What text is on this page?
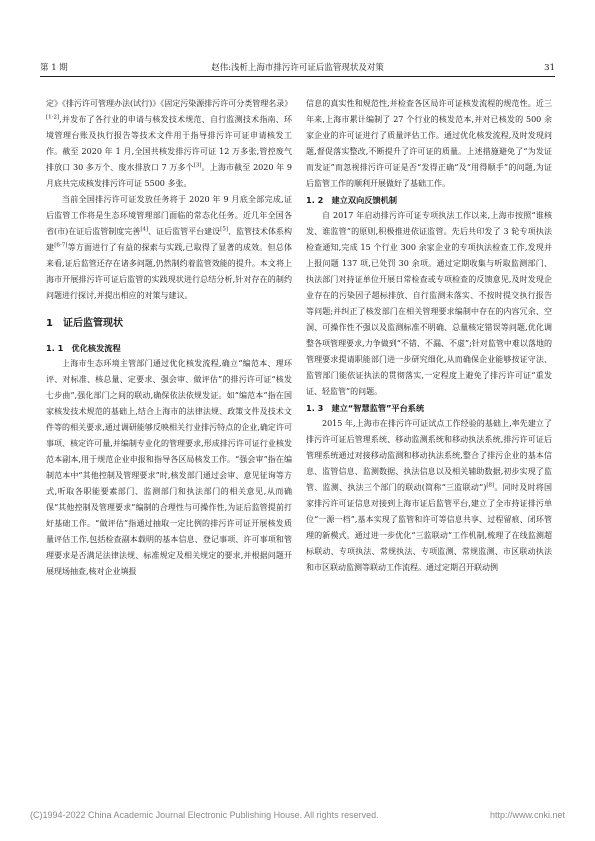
第 1 期	赵伟:浅析上海市排污许可证后监管现状及对策	31

定》《排污许可管理办法(试行)》《固定污染源排污许可分类管理名录》[1-2],并发布了各行业的申请与核发技术规范、自行监测技术指南、环境管理台账及执行报告等技术文件用于指导排污许可证申请核发工作。截至 2020 年 1 月,全国共核发排污许可证 12 万多张,管控废气排放口 30 多万个、废水排放口 7 万多个[3]。上海市截至 2020 年 9 月底共完成核发排污许可证 5500 多张。

当前全国排污许可证发放任务将于 2020 年 9 月底全部完成,证后监管工作将是生态环境管理部门面临的常态化任务。近几年全国各省(市)在证后监管制度完善[4]、证后监管平台建设[5]、监管技术体系构建[6-7]等方面进行了有益的探索与实践,已取得了显著的成效。但总体来看,证后监管还存在诸多问题,仍然制约着监管效能的提升。本文将上海市开展排污许可证后监管的实践现状进行总结分析,针对存在的制约问题进行探讨,并提出相应的对策与建议。

1　证后监管现状
1. 1　优化核发流程

上海市生态环境主管部门通过优化核发流程,确立“编范本、理环评、对标准、核总量、定要求、强会审、做评估”的排污许可证“核发七步曲”,强化部门之间的联动,确保依法依规发证。如“编范本”指在国家核发技术规范的基础上,结合上海市的法律法规、政策文件及技术文件等的相关要求,通过调研能够反映相关行业排污特点的企业,确定许可事项、核定许可量,并编制专业化的管理要求,形成排污许可证行业核发范本副本,用于规范企业申报和指导各区局核发工作。“强会审”指在编制范本中“其他控制及管理要求”时,核发部门通过会审、意见征询等方式,听取各职能要素部门、监测部门和执法部门的相关意见,从而确保“其他控制及管理要求”编制的合理性与可操作性,为证后监管提前打好基础工作。“做评估”指通过抽取一定比例的排污许可证开展核发质量评估工作,包括检查副本载明的基本信息、登记事项、许可事项和管理要求是否满足法律法规、标准规定及相关规定的要求,并根据问题开展现场抽查,核对企业填报

信息的真实性和规范性,并检查各区局许可证核发流程的规范性。近三年来,上海市累计编制了 27 个行业的核发范本,并对已核发的 500 余家企业的许可证进行了质量评估工作。通过优化核发流程,及时发现问题,督促落实整改,不断提升了许可证的质量。上述措施避免了“为发证而发证”而忽视排污许可证是否“发得正确”及“用得顺手”的问题,为证后监管工作的顺利开展做好了基础工作。

1. 2　建立双向反馈机制

自 2017 年启动排污许可证专项执法工作以来,上海市按照“谁核发、谁监管”的原则,积极推进依证监管。先后共印发了 3 轮专项执法检查通知,完成 15 个行业 300 余家企业的专项执法检查工作,发现并上报问题 137 项,已处罚 30 余项。通过定期收集与听取监测部门、执法部门对持证单位开展日常检查或专项检查的反馈意见,及时发现企业存在的污染因子超标排放、自行监测未落实、不按时提交执行报告等问题;并纠正了核发部门在相关管理要求编制中存在的内容冗余、空洞、可操作性不强以及监测标准不明确、总量核定错误等问题,优化调整各项管理要求,力争做到“不错、不漏、不虚”;针对监管中难以落地的管理要求提请职能部门进一步研究细化,从而确保企业能够按证守法、监管部门能依证执法的贯彻落实,一定程度上避免了排污许可证“重发证、轻监管”的问题。

1. 3　建立“智慧监管”平台系统

2015 年,上海市在排污许可证试点工作经验的基础上,率先建立了排污许可证后管理系统、移动监测系统和移动执法系统,排污许可证后管理系统通过对接移动监测和移动执法系统,整合了排污企业的基本信息、监管信息、监测数据、执法信息以及相关辅助数据,初步实现了监管、监测、执法三个部门的联动(简称“三监联动”)[8]。同时及时将国家排污许可证信息对接到上海市证后监管平台,建立了全市持证排污单位“一源一档”,基本实现了监管和许可等信息共享、过程留痕、闭环管理的新模式。通过进一步优化“三监联动”工作机制,梳理了在线监测超标联动、专项执法、常规执法、专项监测、常规监测、市区联动执法和市区联动监测等联动工作流程。通过定期召开联动例

(C)1994-2022 China Academic Journal Electronic Publishing House. All rights reserved.	http://www.cnki.net
